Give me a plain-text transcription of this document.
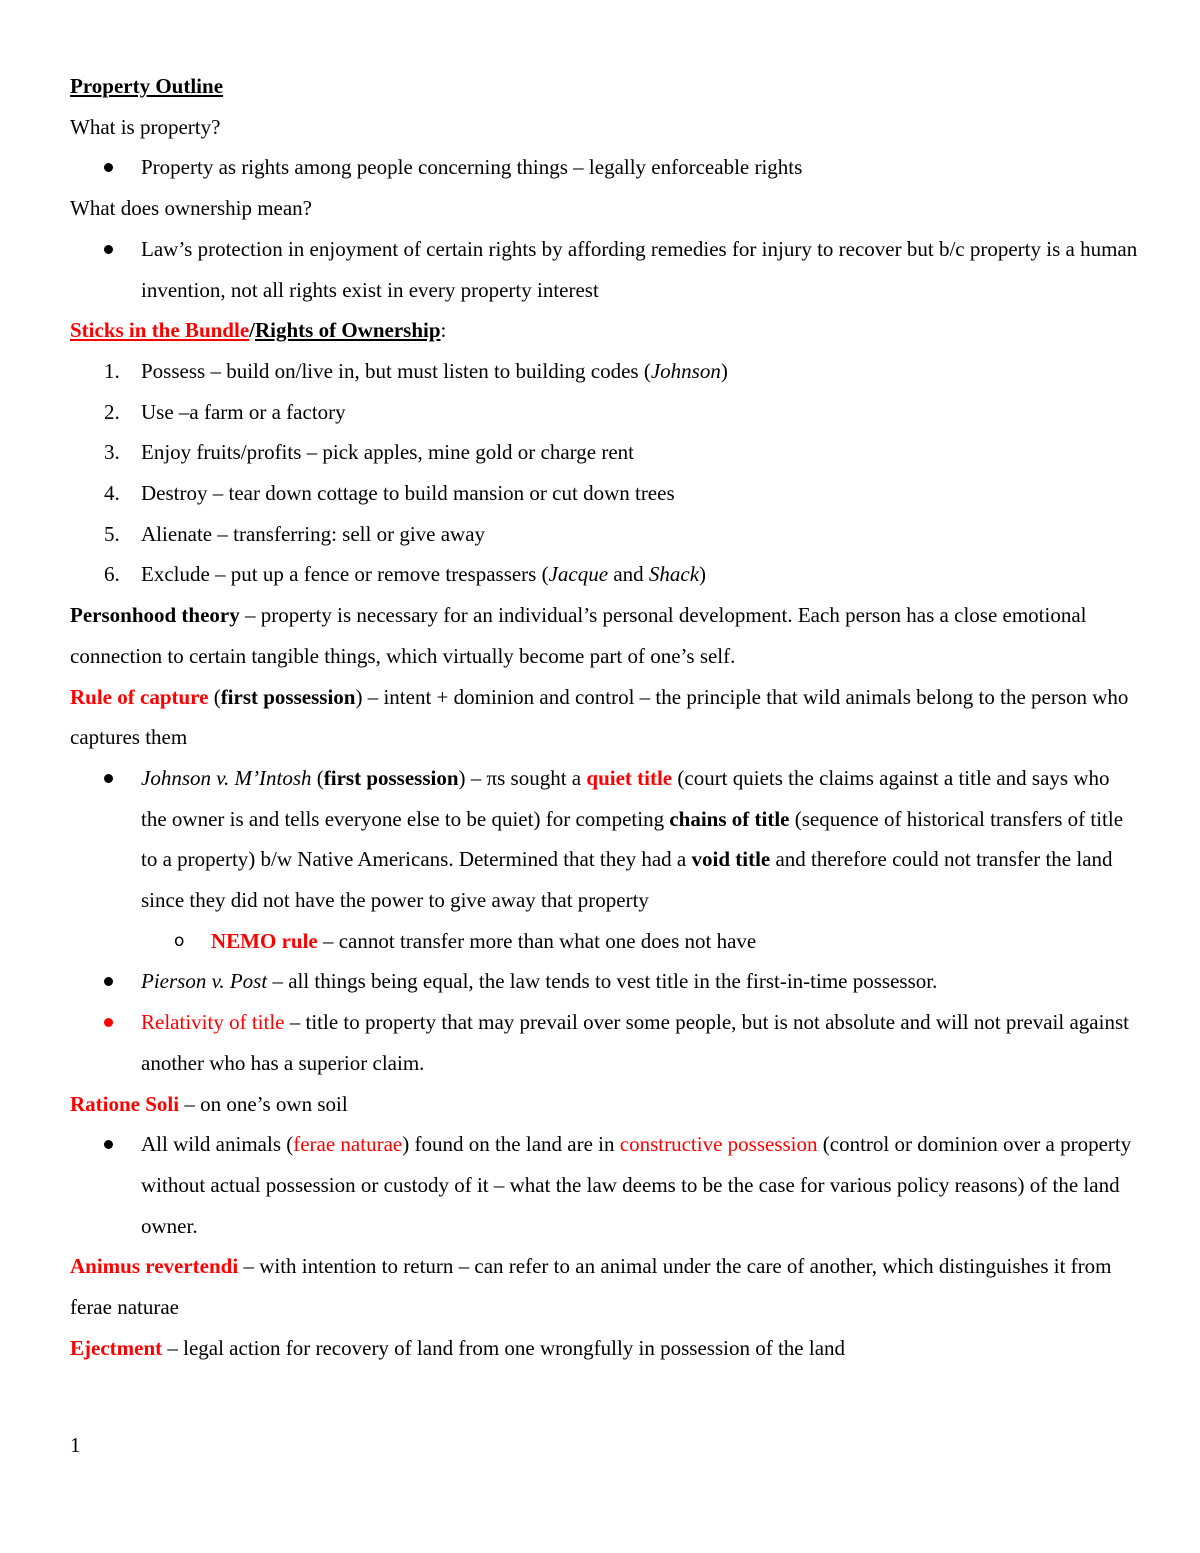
Property Outline

What is property?

Property as rights among people concerning things – legally enforceable rights

What does ownership mean?

Law’s protection in enjoyment of certain rights by affording remedies for injury to recover but b/c property is a human invention, not all rights exist in every property interest

Sticks in the Bundle/Rights of Ownership:

1. Possess – build on/live in, but must listen to building codes (Johnson)

2. Use –a farm or a factory

3. Enjoy fruits/profits – pick apples, mine gold or charge rent

4. Destroy – tear down cottage to build mansion or cut down trees

5. Alienate – transferring: sell or give away

6. Exclude – put up a fence or remove trespassers (Jacque and Shack)

Personhood theory – property is necessary for an individual’s personal development. Each person has a close emotional connection to certain tangible things, which virtually become part of one’s self.

Rule of capture (first possession) – intent + dominion and control – the principle that wild animals belong to the person who captures them

Johnson v. M’Intosh (first possession) – πs sought a quiet title (court quiets the claims against a title and says who the owner is and tells everyone else to be quiet) for competing chains of title (sequence of historical transfers of title to a property) b/w Native Americans. Determined that they had a void title and therefore could not transfer the land since they did not have the power to give away that property

o NEMO rule – cannot transfer more than what one does not have

Pierson v. Post – all things being equal, the law tends to vest title in the first-in-time possessor.

Relativity of title – title to property that may prevail over some people, but is not absolute and will not prevail against another who has a superior claim.

Ratione Soli – on one’s own soil

All wild animals (ferae naturae) found on the land are in constructive possession (control or dominion over a property without actual possession or custody of it – what the law deems to be the case for various policy reasons) of the land owner.

Animus revertendi – with intention to return – can refer to an animal under the care of another, which distinguishes it from ferae naturae

Ejectment – legal action for recovery of land from one wrongfully in possession of the land

1
